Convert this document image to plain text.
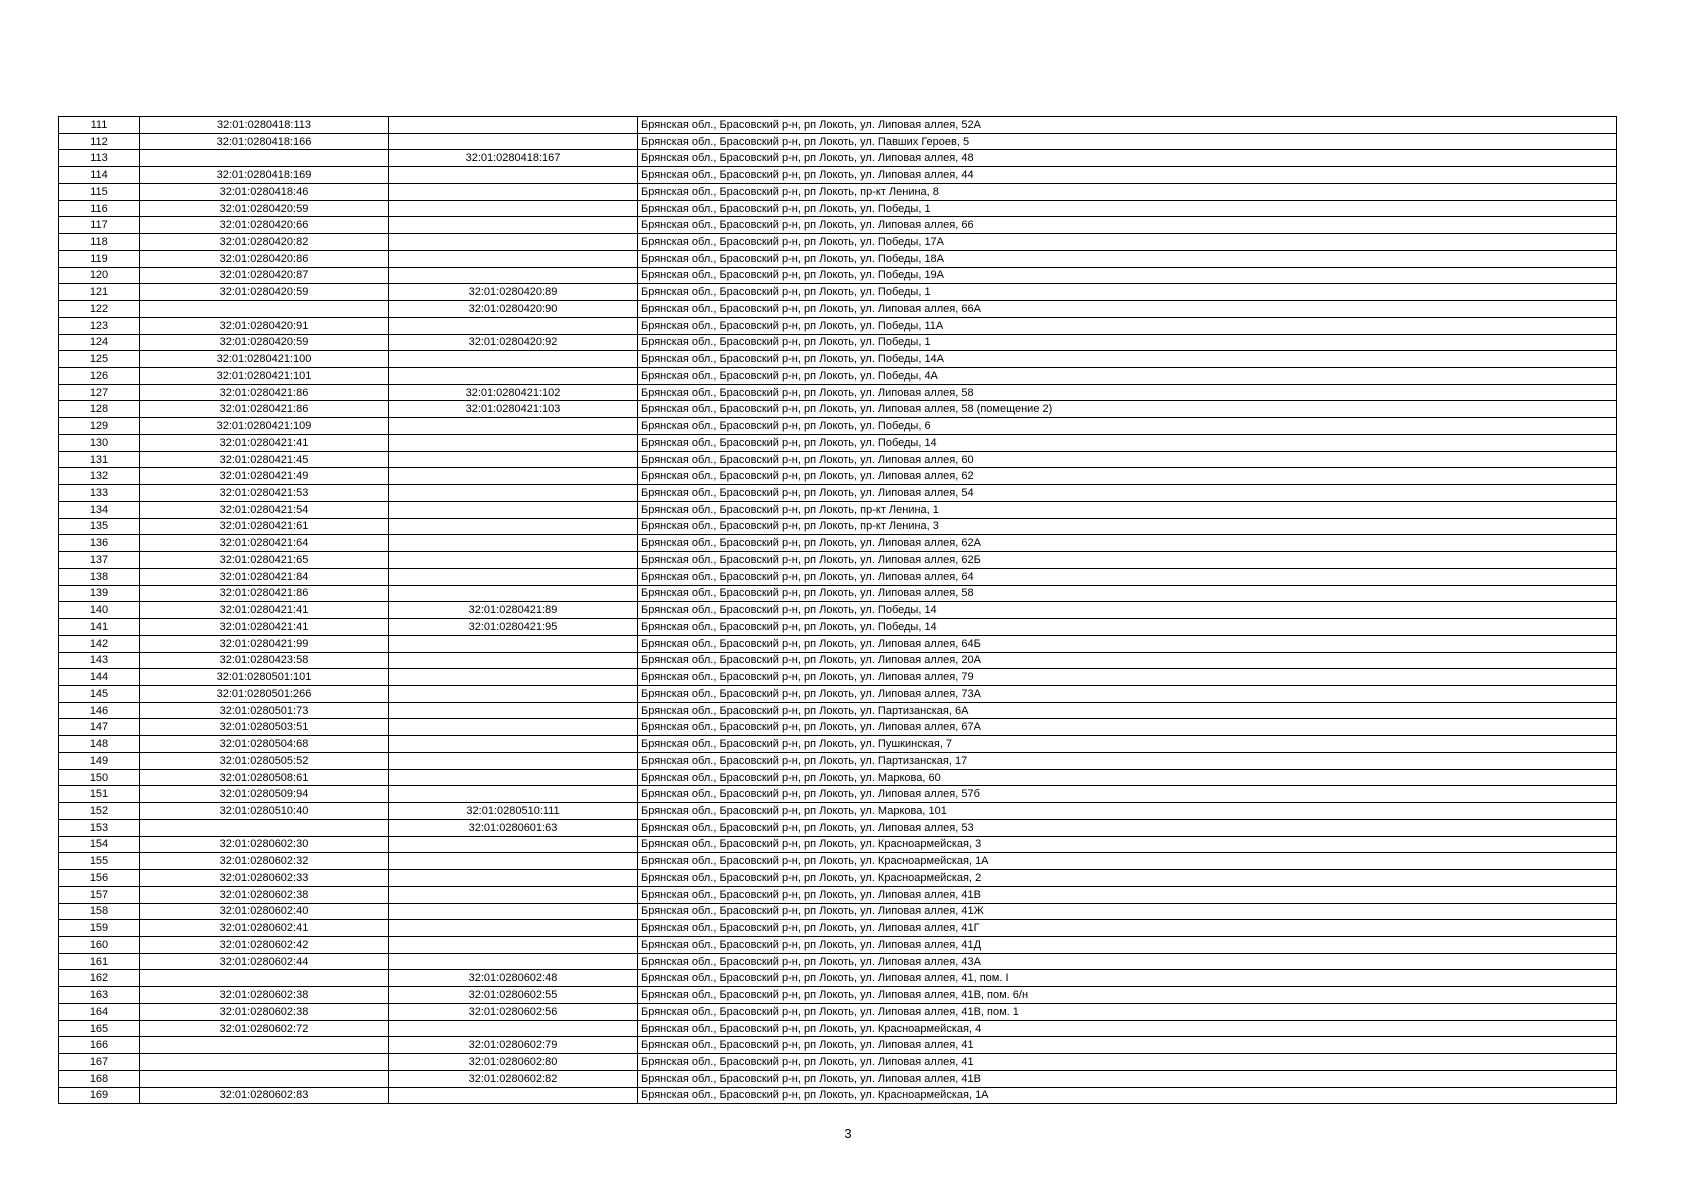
111	32:01:0280418:113		Брянская обл., Брасовский р-н, рп Локоть, ул. Липовая аллея, 52А
112	32:01:0280418:166		Брянская обл., Брасовский р-н, рп Локоть, ул. Павших Героев, 5
113		32:01:0280418:167	Брянская обл., Брасовский р-н, рп Локоть, ул. Липовая аллея, 48
114	32:01:0280418:169		Брянская обл., Брасовский р-н, рп Локоть, ул. Липовая аллея, 44
115	32:01:0280418:46		Брянская обл., Брасовский р-н, рп Локоть, пр-кт Ленина, 8
116	32:01:0280420:59		Брянская обл., Брасовский р-н, рп Локоть, ул. Победы, 1
117	32:01:0280420:66		Брянская обл., Брасовский р-н, рп Локоть, ул. Липовая аллея, 66
118	32:01:0280420:82		Брянская обл., Брасовский р-н, рп Локоть, ул. Победы, 17А
119	32:01:0280420:86		Брянская обл., Брасовский р-н, рп Локоть, ул. Победы, 18А
120	32:01:0280420:87		Брянская обл., Брасовский р-н, рп Локоть, ул. Победы, 19А
121	32:01:0280420:59	32:01:0280420:89	Брянская обл., Брасовский р-н, рп Локоть, ул. Победы, 1
122		32:01:0280420:90	Брянская обл., Брасовский р-н, рп Локоть, ул. Липовая аллея, 66А
123	32:01:0280420:91		Брянская обл., Брасовский р-н, рп Локоть, ул. Победы, 11А
124	32:01:0280420:59	32:01:0280420:92	Брянская обл., Брасовский р-н, рп Локоть, ул. Победы, 1
125	32:01:0280421:100		Брянская обл., Брасовский р-н, рп Локоть, ул. Победы, 14А
126	32:01:0280421:101		Брянская обл., Брасовский р-н, рп Локоть, ул. Победы, 4А
127	32:01:0280421:86	32:01:0280421:102	Брянская обл., Брасовский р-н, рп Локоть, ул. Липовая аллея, 58
128	32:01:0280421:86	32:01:0280421:103	Брянская обл., Брасовский р-н, рп Локоть, ул. Липовая аллея, 58 (помещение 2)
129	32:01:0280421:109		Брянская обл., Брасовский р-н, рп Локоть, ул. Победы, 6
130	32:01:0280421:41		Брянская обл., Брасовский р-н, рп Локоть, ул. Победы, 14
131	32:01:0280421:45		Брянская обл., Брасовский р-н, рп Локоть, ул. Липовая аллея, 60
132	32:01:0280421:49		Брянская обл., Брасовский р-н, рп Локоть, ул. Липовая аллея, 62
133	32:01:0280421:53		Брянская обл., Брасовский р-н, рп Локоть, ул. Липовая аллея, 54
134	32:01:0280421:54		Брянская обл., Брасовский р-н, рп Локоть, пр-кт Ленина, 1
135	32:01:0280421:61		Брянская обл., Брасовский р-н, рп Локоть, пр-кт Ленина, 3
136	32:01:0280421:64		Брянская обл., Брасовский р-н, рп Локоть, ул. Липовая аллея, 62А
137	32:01:0280421:65		Брянская обл., Брасовский р-н, рп Локоть, ул. Липовая аллея, 62Б
138	32:01:0280421:84		Брянская обл., Брасовский р-н, рп Локоть, ул. Липовая аллея, 64
139	32:01:0280421:86		Брянская обл., Брасовский р-н, рп Локоть, ул. Липовая аллея, 58
140	32:01:0280421:41	32:01:0280421:89	Брянская обл., Брасовский р-н, рп Локоть, ул. Победы, 14
141	32:01:0280421:41	32:01:0280421:95	Брянская обл., Брасовский р-н, рп Локоть, ул. Победы, 14
142	32:01:0280421:99		Брянская обл., Брасовский р-н, рп Локоть, ул. Липовая аллея, 64Б
143	32:01:0280423:58		Брянская обл., Брасовский р-н, рп Локоть, ул. Липовая аллея, 20А
144	32:01:0280501:101		Брянская обл., Брасовский р-н, рп Локоть, ул. Липовая аллея, 79
145	32:01:0280501:266		Брянская обл., Брасовский р-н, рп Локоть, ул. Липовая аллея, 73А
146	32:01:0280501:73		Брянская обл., Брасовский р-н, рп Локоть, ул. Партизанская, 6А
147	32:01:0280503:51		Брянская обл., Брасовский р-н, рп Локоть, ул. Липовая аллея, 67А
148	32:01:0280504:68		Брянская обл., Брасовский р-н, рп Локоть, ул. Пушкинская, 7
149	32:01:0280505:52		Брянская обл., Брасовский р-н, рп Локоть, ул. Партизанская, 17
150	32:01:0280508:61		Брянская обл., Брасовский р-н, рп Локоть, ул. Маркова, 60
151	32:01:0280509:94		Брянская обл., Брасовский р-н, рп Локоть, ул. Липовая аллея, 57б
152	32:01:0280510:40	32:01:0280510:111	Брянская обл., Брасовский р-н, рп Локоть, ул. Маркова, 101
153		32:01:0280601:63	Брянская обл., Брасовский р-н, рп Локоть, ул. Липовая аллея, 53
154	32:01:0280602:30		Брянская обл., Брасовский р-н, рп Локоть, ул. Красноармейская, 3
155	32:01:0280602:32		Брянская обл., Брасовский р-н, рп Локоть, ул. Красноармейская, 1А
156	32:01:0280602:33		Брянская обл., Брасовский р-н, рп Локоть, ул. Красноармейская, 2
157	32:01:0280602:38		Брянская обл., Брасовский р-н, рп Локоть, ул. Липовая аллея, 41В
158	32:01:0280602:40		Брянская обл., Брасовский р-н, рп Локоть, ул. Липовая аллея, 41Ж
159	32:01:0280602:41		Брянская обл., Брасовский р-н, рп Локоть, ул. Липовая аллея, 41Г
160	32:01:0280602:42		Брянская обл., Брасовский р-н, рп Локоть, ул. Липовая аллея, 41Д
161	32:01:0280602:44		Брянская обл., Брасовский р-н, рп Локоть, ул. Липовая аллея, 43А
162		32:01:0280602:48	Брянская обл., Брасовский р-н, рп Локоть, ул. Липовая аллея, 41, пом. I
163	32:01:0280602:38	32:01:0280602:55	Брянская обл., Брасовский р-н, рп Локоть, ул. Липовая аллея, 41В, пом. 6/н
164	32:01:0280602:38	32:01:0280602:56	Брянская обл., Брасовский р-н, рп Локоть, ул. Липовая аллея, 41В, пом. 1
165	32:01:0280602:72		Брянская обл., Брасовский р-н, рп Локоть, ул. Красноармейская, 4
166		32:01:0280602:79	Брянская обл., Брасовский р-н, рп Локоть, ул. Липовая аллея, 41
167		32:01:0280602:80	Брянская обл., Брасовский р-н, рп Локоть, ул. Липовая аллея, 41
168		32:01:0280602:82	Брянская обл., Брасовский р-н, рп Локоть, ул. Липовая аллея, 41В
169	32:01:0280602:83		Брянская обл., Брасовский р-н, рп Локоть, ул. Красноармейская, 1А
3
